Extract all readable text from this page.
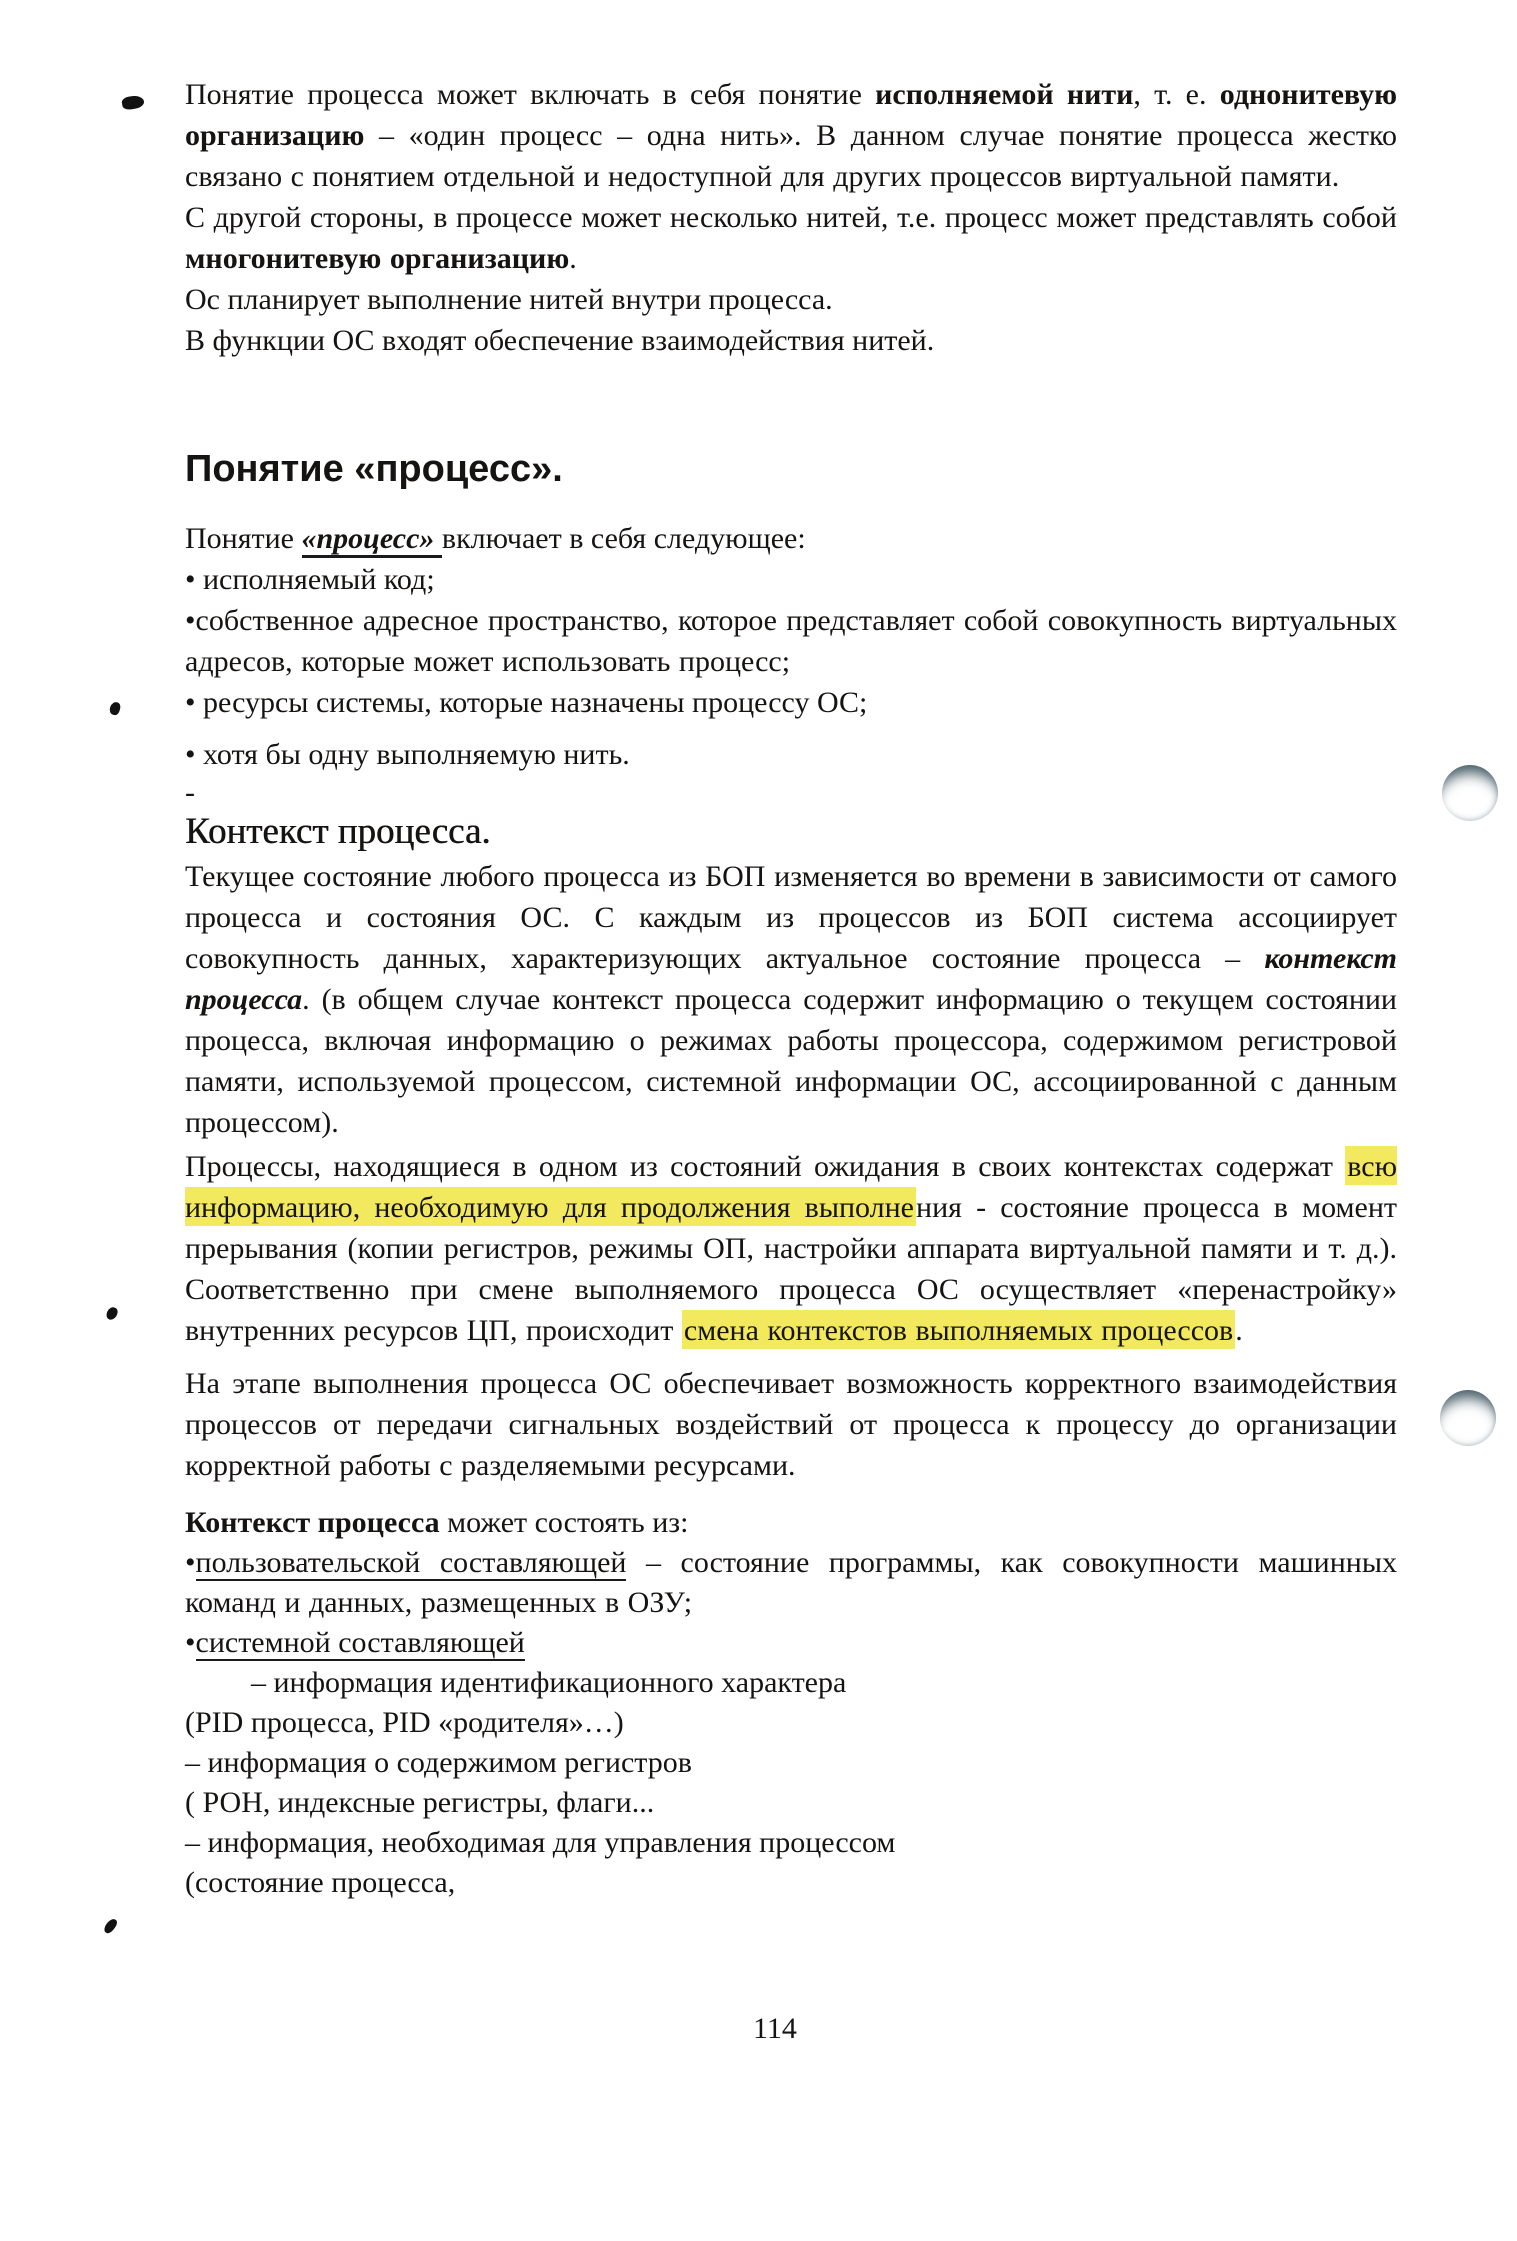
Понятие процесса может включать в себя понятие исполняемой нити, т. е. однонитевую организацию – «один процесс – одна нить». В данном случае понятие процесса жестко связано с понятием отдельной и недоступной для других процессов виртуальной памяти.

С другой стороны, в процессе может несколько нитей, т.е. процесс может представлять собой многонитевую организацию.

Ос планирует выполнение нитей внутри процесса.

В функции ОС входят обеспечение взаимодействия нитей.

Понятие «процесс».

Понятие «процесс» включает в себя следующее:

• исполняемый код;

•собственное адресное пространство, которое представляет собой совокупность виртуальных адресов, которые может использовать процесс;

• ресурсы системы, которые назначены процессу ОС;

• хотя бы одну выполняемую нить.

-
Контекст процесса.

Текущее состояние любого процесса из БОП изменяется во времени в зависимости от самого процесса и состояния ОС. С каждым из процессов из БОП система ассоциирует совокупность данных, характеризующих актуальное состояние процесса – контекст процесса. (в общем случае контекст процесса содержит информацию о текущем состоянии процесса, включая информацию о режимах работы процессора, содержимом регистровой памяти, используемой процессом, системной информации ОС, ассоциированной с данным процессом).

Процессы, находящиеся в одном из состояний ожидания в своих контекстах содержат всю информацию, необходимую для продолжения выполнения - состояние процесса в момент прерывания (копии регистров, режимы ОП, настройки аппарата виртуальной памяти и т. д.). Соответственно при смене выполняемого процесса ОС осуществляет «перенастройку» внутренних ресурсов ЦП, происходит смена контекстов выполняемых процессов.

На этапе выполнения процесса ОС обеспечивает возможность корректного взаимодействия процессов от передачи сигнальных воздействий от процесса к процессу до организации корректной работы с разделяемыми ресурсами.

Контекст процесса может состоять из:

•пользовательской составляющей – состояние программы, как совокупности машинных команд и данных, размещенных в ОЗУ;

•системной составляющей

– информация идентификационного характера

(PID процесса, PID «родителя»…)

– информация о содержимом регистров

( РОН, индексные регистры, флаги...

– информация, необходимая для управления процессом

(состояние процесса,

114
